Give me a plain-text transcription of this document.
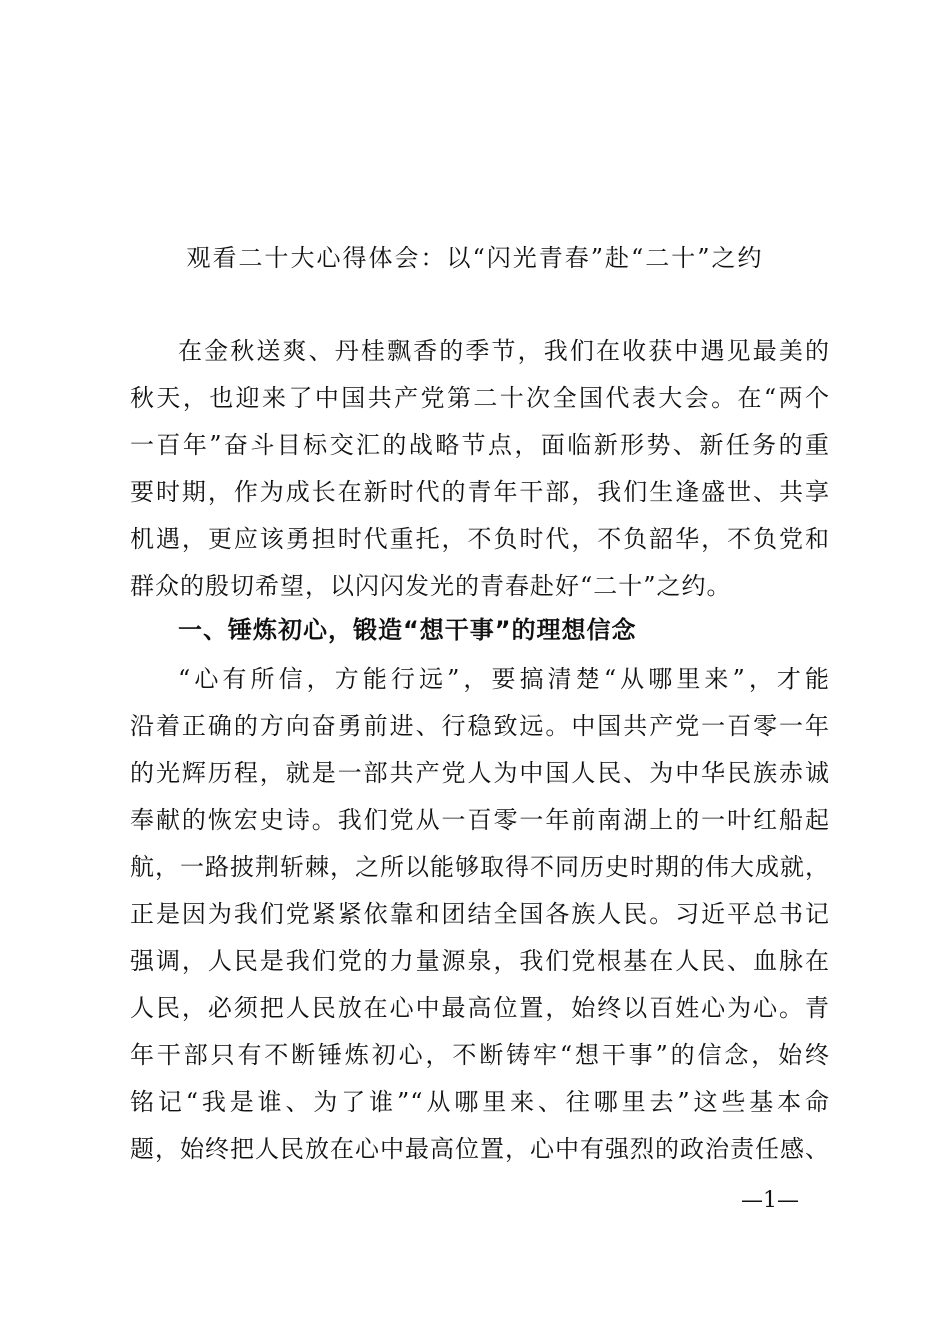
观看二十大心得体会：以“闪光青春”赴“二十”之约
在金秋送爽、丹桂飘香的季节，我们在收获中遇见最美的
秋天，也迎来了中国共产党第二十次全国代表大会。在“两个
一百年”奋斗目标交汇的战略节点，面临新形势、新任务的重
要时期，作为成长在新时代的青年干部，我们生逢盛世、共享
机遇，更应该勇担时代重托，不负时代，不负韶华，不负党和
群众的殷切希望，以闪闪发光的青春赴好“二十”之约。
一、锤炼初心，锻造“想干事”的理想信念
“心有所信，方能行远”，要搞清楚“从哪里来”，才能
沿着正确的方向奋勇前进、行稳致远。中国共产党一百零一年
的光辉历程，就是一部共产党人为中国人民、为中华民族赤诚
奉献的恢宏史诗。我们党从一百零一年前南湖上的一叶红船起
航，一路披荆斩棘，之所以能够取得不同历史时期的伟大成就，
正是因为我们党紧紧依靠和团结全国各族人民。习近平总书记
强调，人民是我们党的力量源泉，我们党根基在人民、血脉在
人民，必须把人民放在心中最高位置，始终以百姓心为心。青
年干部只有不断锤炼初心，不断铸牢“想干事”的信念，始终
铭记“我是谁、为了谁”“从哪里来、往哪里去”这些基本命
题，始终把人民放在心中最高位置，心中有强烈的政治责任感、
—1—
